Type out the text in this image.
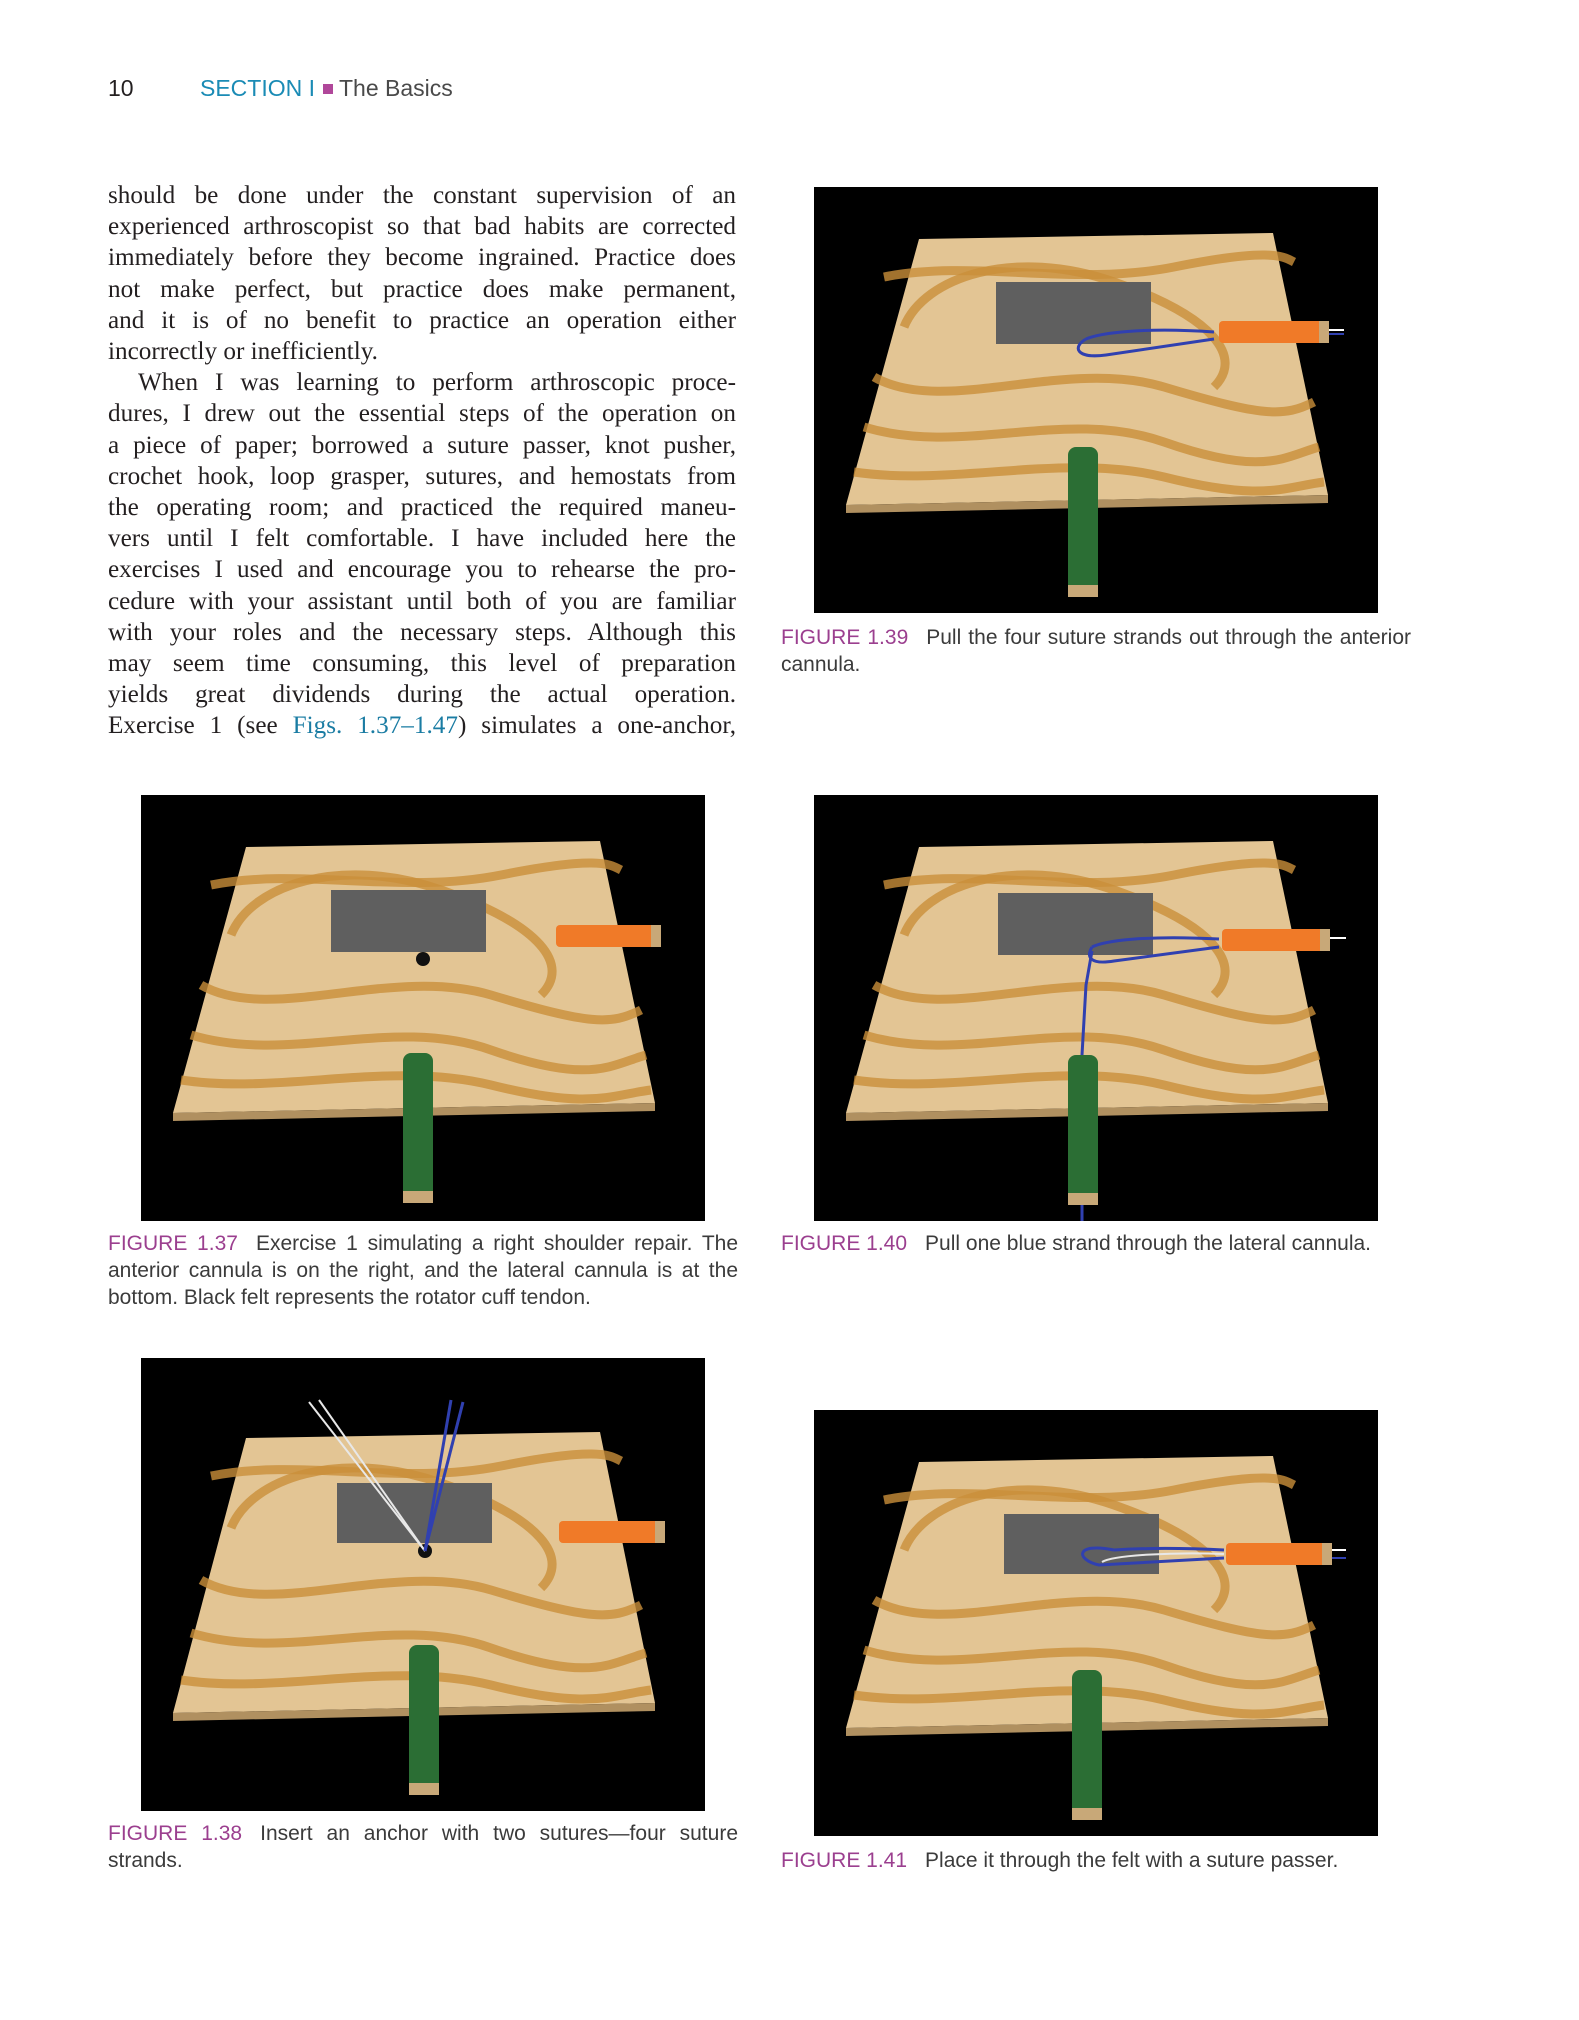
10	SECTION I The Basics

should be done under the constant supervision of an

experienced arthroscopist so that bad habits are corrected

immediately before they become ingrained. Practice does

not make perfect, but practice does make permanent,

and it is of no benefit to practice an operation either

incorrectly or inefficiently.

When I was learning to perform arthroscopic proce-

dures, I drew out the essential steps of the operation on

a piece of paper; borrowed a suture passer, knot pusher,

crochet hook, loop grasper, sutures, and hemostats from

the operating room; and practiced the required maneu-

vers until I felt comfortable. I have included here the

exercises I used and encourage you to rehearse the pro-

cedure with your assistant until both of you are familiar

with your roles and the necessary steps. Although this

may seem time consuming, this level of preparation

yields great dividends during the actual operation.

Exercise 1 (see Figs. 1.37–1.47) simulates a one-anchor,

FIGURE 1.39 Pull the four suture strands out through the anterior cannula.

FIGURE 1.37 Exercise 1 simulating a right shoulder repair. The anterior cannula is on the right, and the lateral cannula is at the bottom. Black felt represents the rotator cuff tendon.

FIGURE 1.40 Pull one blue strand through the lateral cannula.

FIGURE 1.38 Insert an anchor with two sutures—four suture strands.	FIGURE 1.41 Place it through the felt with a suture passer.
